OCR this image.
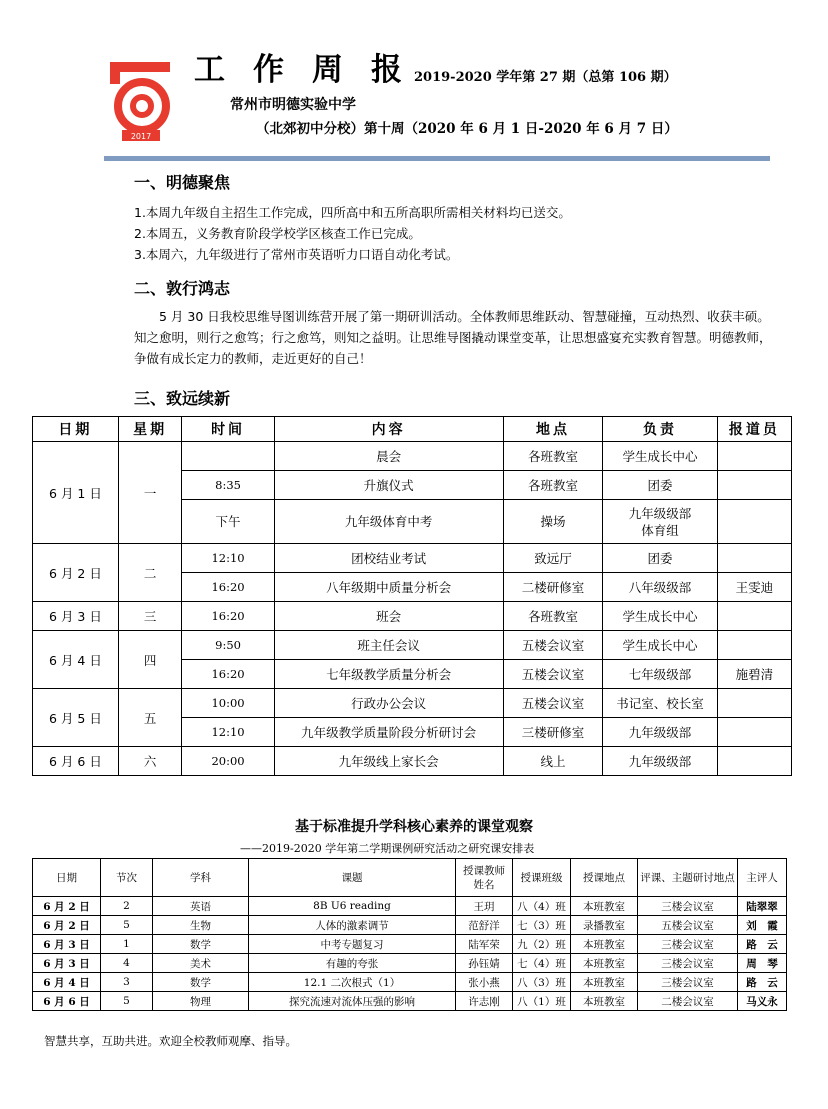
2017
工作周报
2019-2020 学年第 27 期（总第 106 期）
常州市明德实验中学
（北郊初中分校）第十周（2020 年 6 月 1 日-2020 年 6 月 7 日）
一、明德聚焦
1.本周九年级自主招生工作完成，四所高中和五所高职所需相关材料均已送交。
2.本周五，义务教育阶段学校学区核查工作已完成。
3.本周六，九年级进行了常州市英语听力口语自动化考试。
二、敦行鸿志
5 月 30 日我校思维导图训练营开展了第一期研训活动。全体教师思维跃动、智慧碰撞，互动热烈、收获丰硕。知之愈明，则行之愈笃；行之愈笃，则知之益明。让思维导图撬动课堂变革，让思想盛宴充实教育智慧。明德教师，争做有成长定力的教师，走近更好的自己！
三、致远续新
日期	星期	时间	内容	地点	负责	报道员
6 月 1 日	一		晨会	各班教室	学生成长中心	
		8:35	升旗仪式	各班教室	团委	
		下午	九年级体育中考	操场	九年级级部
体育组	

6 月 2 日	二	12:10	团校结业考试	致远厅	团委	
		16:20	八年级期中质量分析会	二楼研修室	八年级级部	王雯迪
6 月 3 日	三	16:20	班会	各班教室	学生成长中心	
6 月 4 日	四	9:50	班主任会议	五楼会议室	学生成长中心	
		16:20	七年级教学质量分析会	五楼会议室	七年级级部	施碧清
6 月 5 日	五	10:00	行政办公会议	五楼会议室	书记室、校长室	
		12:10	九年级教学质量阶段分析研讨会	三楼研修室	九年级级部	
6 月 6 日	六	20:00	九年级线上家长会	线上	九年级级部	
基于标准提升学科核心素养的课堂观察
——2019-2020 学年第二学期课例研究活动之研究课安排表
日期	节次	学科	课题	授课教师姓名	授课班级	授课地点	评课、主题研讨地点	主评人
6 月 2 日	2	英语	8B U6 reading	王玥	八（4）班	本班教室	三楼会议室	陆翠翠
6 月 2 日	5	生物	人体的激素调节	范舒洋	七（3）班	录播教室	五楼会议室	刘　霞
6 月 3 日	1	数学	中考专题复习	陆军荣	九（2）班	本班教室	三楼会议室	路　云
6 月 3 日	4	美术	有趣的夸张	孙钰婧	七（4）班	本班教室	三楼会议室	周　琴
6 月 4 日	3	数学	12.1 二次根式（1）	张小燕	八（3）班	本班教室	三楼会议室	路　云
6 月 6 日	5	物理	探究流速对流体压强的影响	许志刚	八（1）班	本班教室	二楼会议室	马义永
智慧共享，互助共进。欢迎全校教师观摩、指导。
